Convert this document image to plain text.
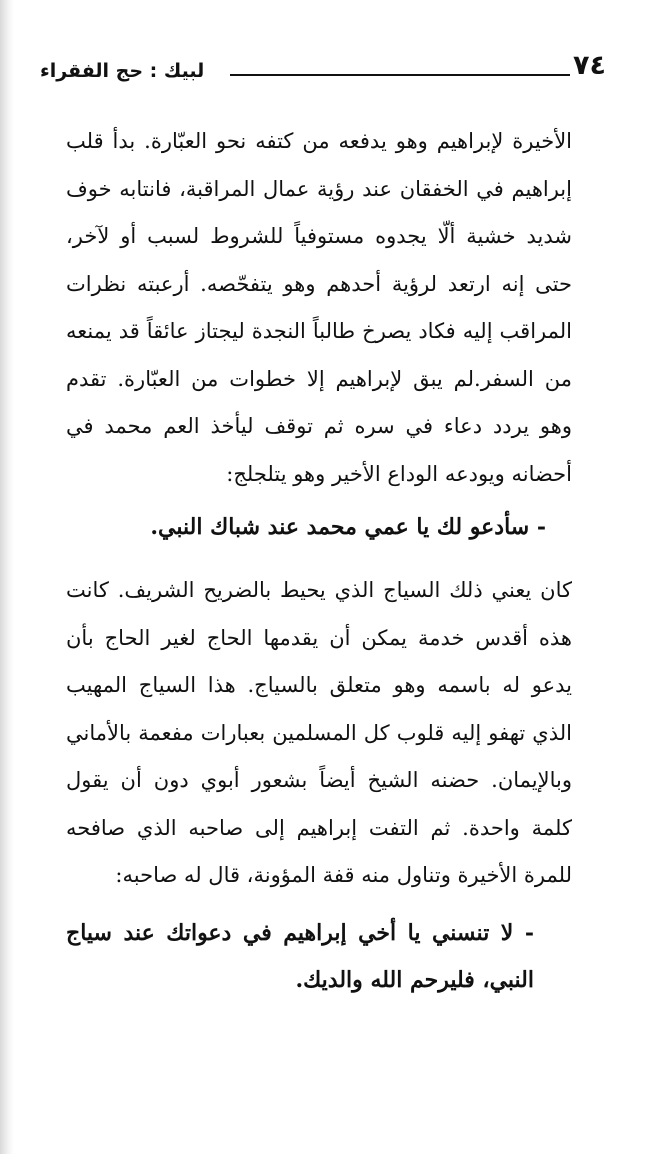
لبيك : حج الفقراء	٧٤

الأخيرة لإبراهيم وهو يدفعه من كتفه نحو العبّارة. بدأ قلب إبراهيم في الخفقان عند رؤية عمال المراقبة، فانتابه خوف شديد خشية ألّا يجدوه مستوفياً للشروط لسبب أو لآخر، حتى إنه ارتعد لرؤية أحدهم وهو يتفحّصه. أرعبته نظرات المراقب إليه فكاد يصرخ طالباً النجدة ليجتاز عائقاً قد يمنعه من السفر.لم يبق لإبراهيم إلا خطوات من العبّارة. تقدم وهو يردد دعاء في سره ثم توقف ليأخذ العم محمد في أحضانه ويودعه الوداع الأخير وهو يتلجلج:

- سأدعو لك يا عمي محمد عند شباك النبي.

كان يعني ذلك السياج الذي يحيط بالضريح الشريف. كانت هذه أقدس خدمة يمكن أن يقدمها الحاج لغير الحاج بأن يدعو له باسمه وهو متعلق بالسياج. هذا السياج المهيب الذي تهفو إليه قلوب كل المسلمين بعبارات مفعمة بالأماني وبالإيمان. حضنه الشيخ أيضاً بشعور أبوي دون أن يقول كلمة واحدة. ثم التفت إبراهيم إلى صاحبه الذي صافحه للمرة الأخيرة وتناول منه قفة المؤونة، قال له صاحبه:

- لا تنسني يا أخي إبراهيم في دعواتك عند سياج النبي، فليرحم الله والديك.
